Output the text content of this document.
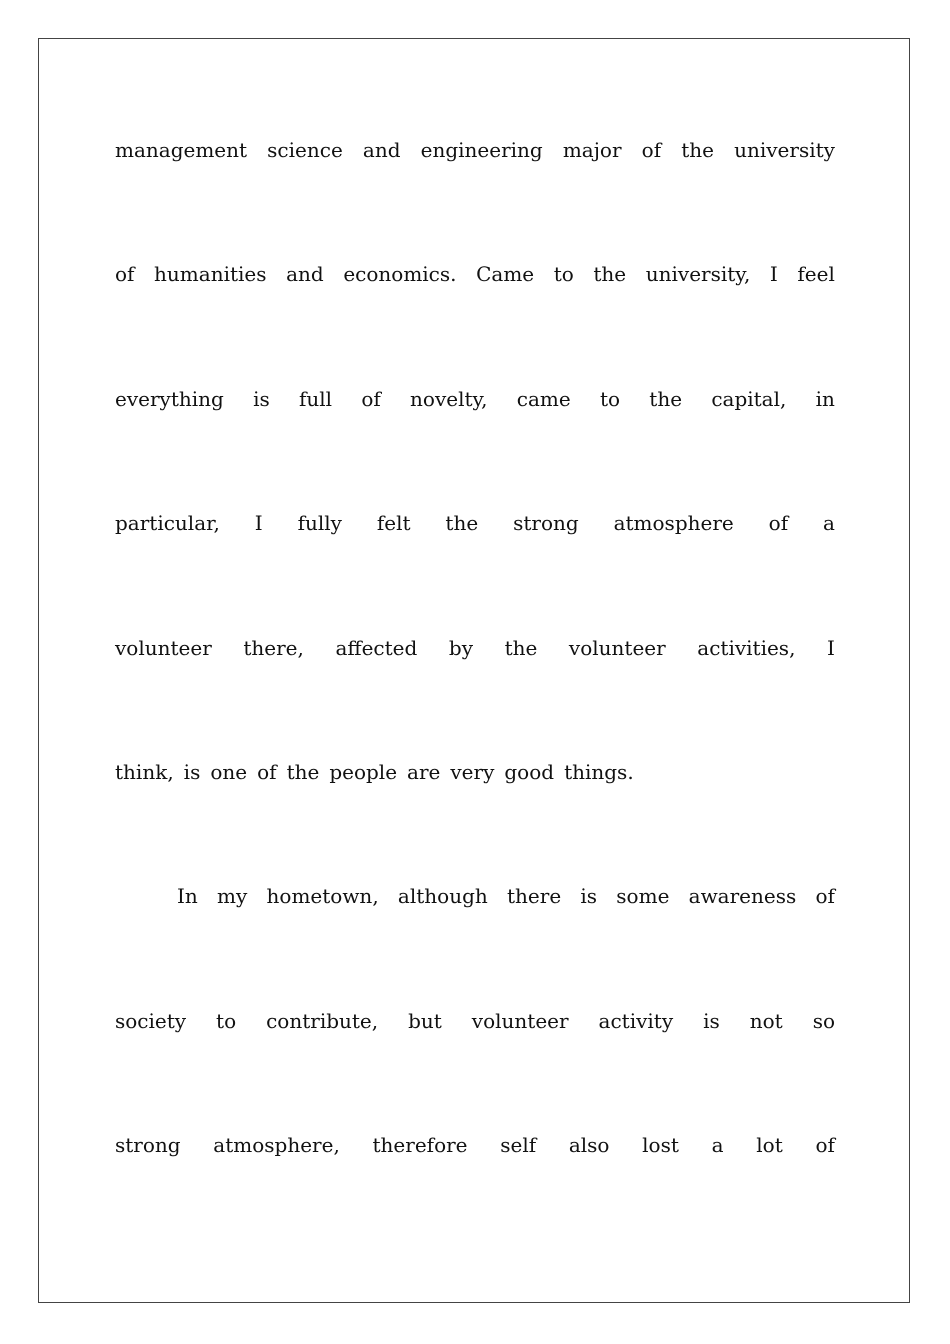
management science and engineering major of the university
of humanities and economics. Came to the university, I feel
everything is full of novelty, came to the capital, in
particular, I fully felt the strong atmosphere of a
volunteer there, affected by the volunteer activities, I
think, is one of the people are very good things.
In my hometown, although there is some awareness of
society to contribute, but volunteer activity is not so
strong atmosphere, therefore self also lost a lot of
